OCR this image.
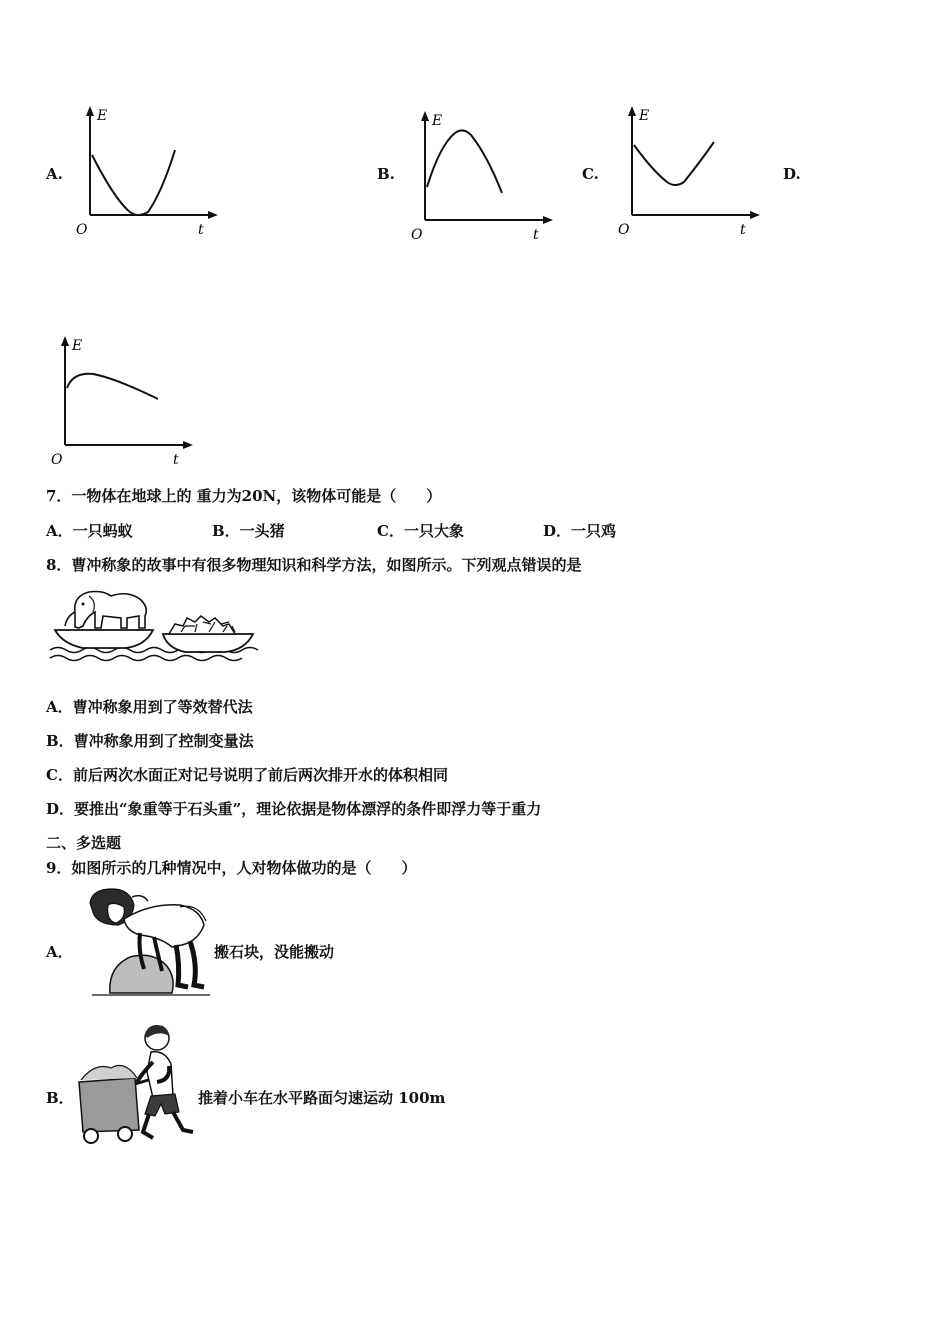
A.	B.	C.	D.
E
t
O
E
t
O
E
t
O
E
t
O
7．一物体在地球上的 重力为20N，该物体可能是（　　）
A．一只蚂蚁	B．一头猪	C．一只大象	D．一只鸡
8．曹冲称象的故事中有很多物理知识和科学方法，如图所示。下列观点错误的是
A．曹冲称象用到了等效替代法
B．曹冲称象用到了控制变量法
C．前后两次水面正对记号说明了前后两次排开水的体积相同
D．要推出“象重等于石头重”，理论依据是物体漂浮的条件即浮力等于重力
二、多选题
9．如图所示的几种情况中，人对物体做功的是（　　）
A．	搬石块，没能搬动
B．	推着小车在水平路面匀速运动 100m
